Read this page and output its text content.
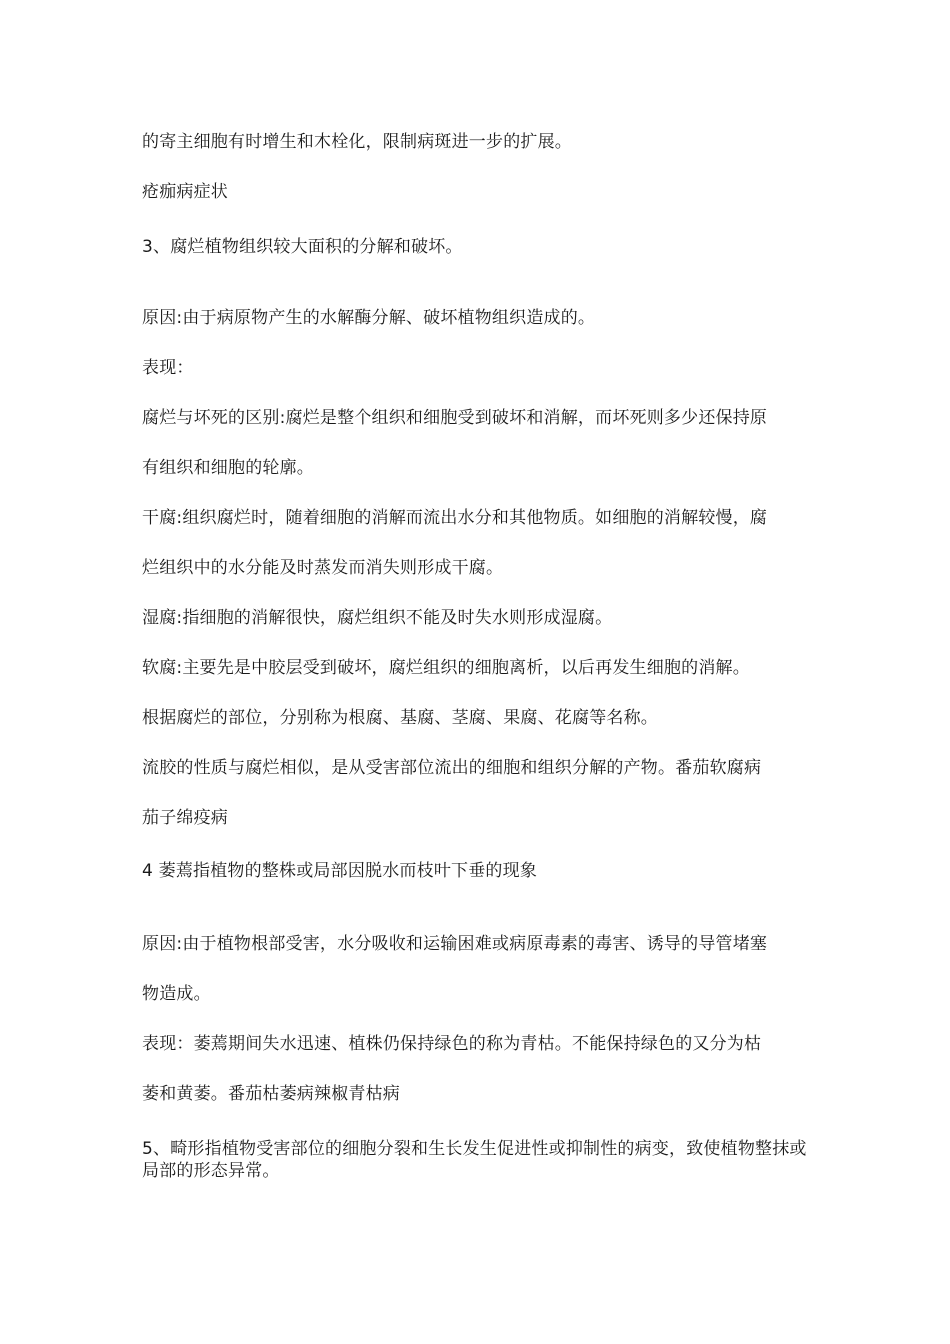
的寄主细胞有时增生和木栓化，限制病斑进一步的扩展。
疮痂病症状
3、腐烂植物组织较大面积的分解和破坏。
原因:由于病原物产生的水解酶分解、破坏植物组织造成的。
表现：
腐烂与坏死的区别:腐烂是整个组织和细胞受到破坏和消解，而坏死则多少还保持原
有组织和细胞的轮廓。
干腐:组织腐烂时，随着细胞的消解而流出水分和其他物质。如细胞的消解较慢，腐
烂组织中的水分能及时蒸发而消失则形成干腐。
湿腐:指细胞的消解很快，腐烂组织不能及时失水则形成湿腐。
软腐:主要先是中胶层受到破坏，腐烂组织的细胞离析，以后再发生细胞的消解。
根据腐烂的部位，分别称为根腐、基腐、茎腐、果腐、花腐等名称。
流胶的性质与腐烂相似，是从受害部位流出的细胞和组织分解的产物。番茄软腐病
茄子绵疫病
4 萎蔫指植物的整株或局部因脱水而枝叶下垂的现象
原因:由于植物根部受害，水分吸收和运输困难或病原毒素的毒害、诱导的导管堵塞
物造成。
表现：萎蔫期间失水迅速、植株仍保持绿色的称为青枯。不能保持绿色的又分为枯
萎和黄萎。番茄枯萎病辣椒青枯病
5、畸形指植物受害部位的细胞分裂和生长发生促进性或抑制性的病变，致使植物整抹或局部的形态异常。
